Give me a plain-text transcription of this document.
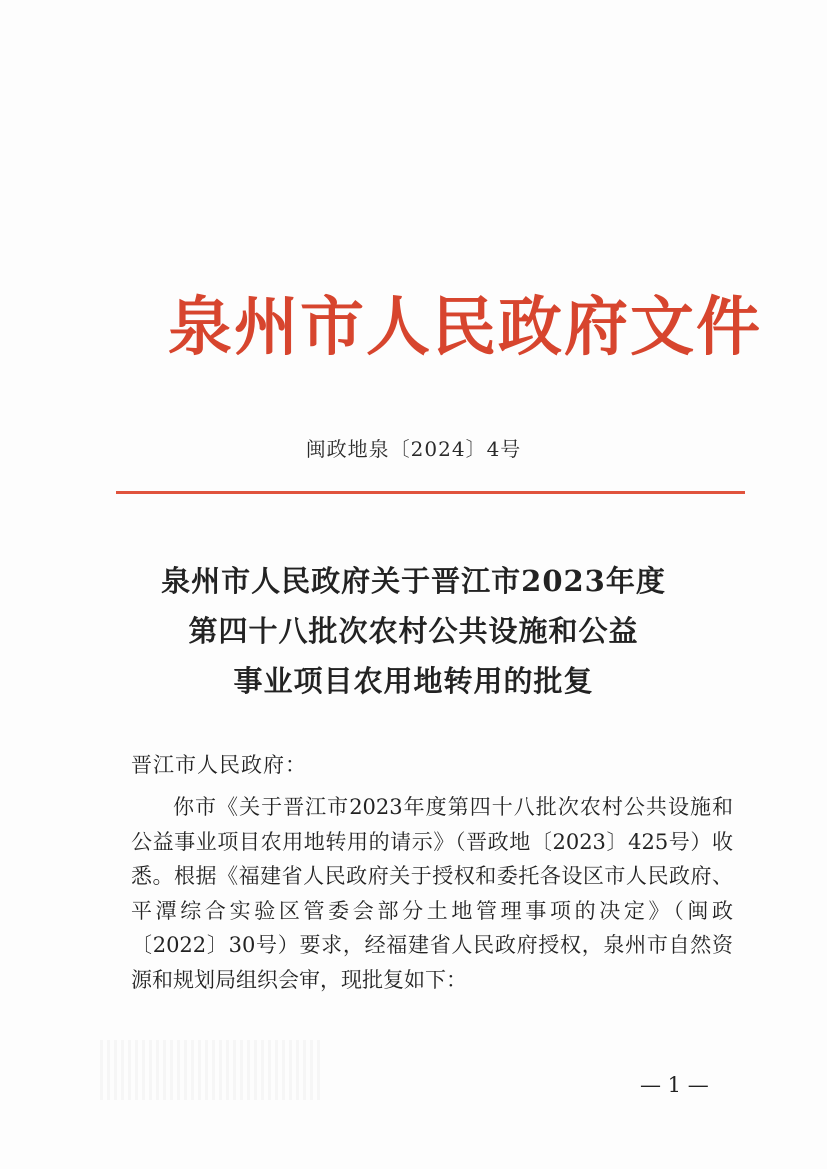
泉州市人民政府文件
闽政地泉〔2024〕4号
泉州市人民政府关于晋江市2023年度
第四十八批次农村公共设施和公益
事业项目农用地转用的批复
晋江市人民政府：
你市《关于晋江市2023年度第四十八批次农村公共设施和
公益事业项目农用地转用的请示》（晋政地〔2023〕425号）收
悉。根据《福建省人民政府关于授权和委托各设区市人民政府、
平潭综合实验区管委会部分土地管理事项的决定》（闽政
〔2022〕30号）要求，经福建省人民政府授权，泉州市自然资
源和规划局组织会审，现批复如下：
— 1 —
